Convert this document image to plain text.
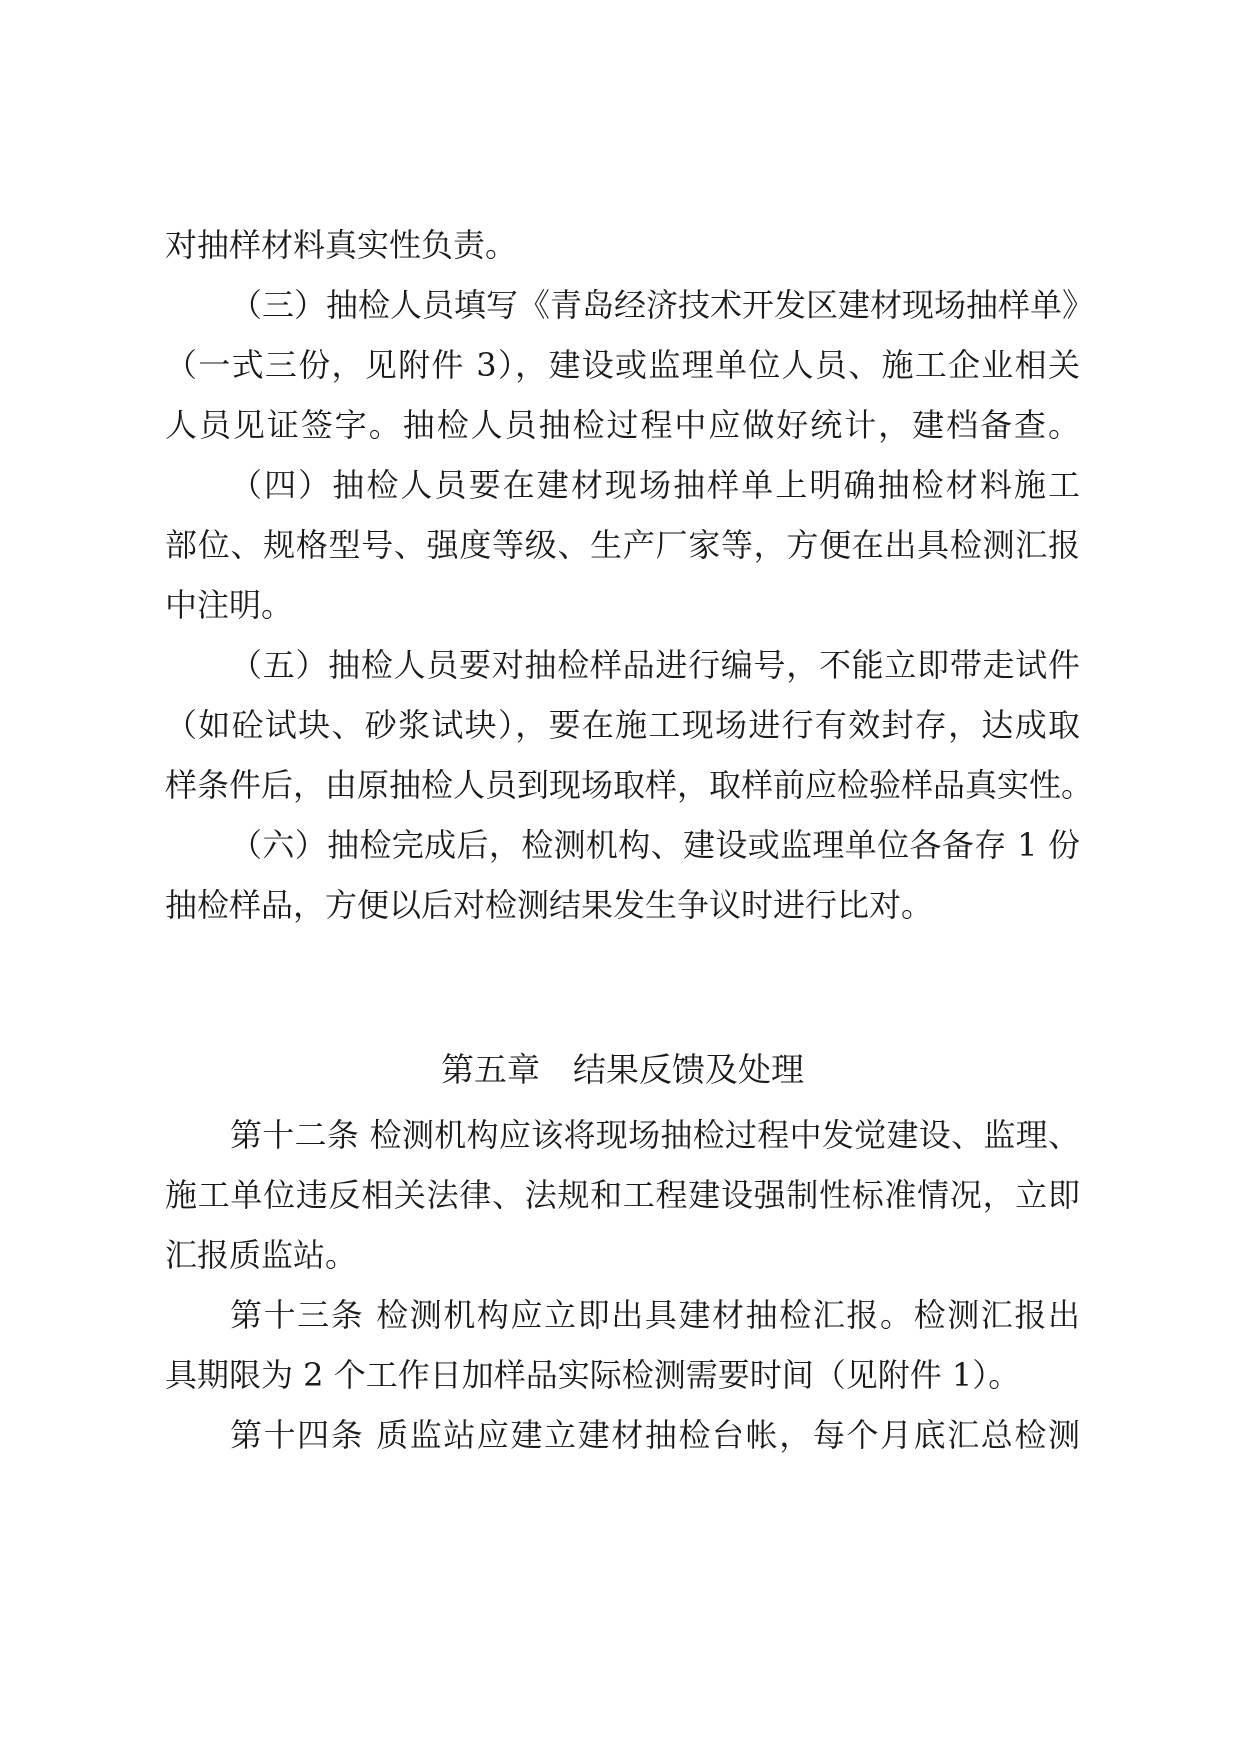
对抽样材料真实性负责。
（三）抽检人员填写《青岛经济技术开发区建材现场抽样单》
（一式三份，见附件 3），建设或监理单位人员、施工企业相关
人员见证签字。抽检人员抽检过程中应做好统计，建档备查。
（四）抽检人员要在建材现场抽样单上明确抽检材料施工
部位、规格型号、强度等级、生产厂家等，方便在出具检测汇报
中注明。
（五）抽检人员要对抽检样品进行编号，不能立即带走试件
（如砼试块、砂浆试块），要在施工现场进行有效封存，达成取
样条件后，由原抽检人员到现场取样，取样前应检验样品真实性。
（六）抽检完成后，检测机构、建设或监理单位各备存 1 份
抽检样品，方便以后对检测结果发生争议时进行比对。
第五章　结果反馈及处理
第十二条 检测机构应该将现场抽检过程中发觉建设、监理、
施工单位违反相关法律、法规和工程建设强制性标准情况，立即
汇报质监站。
第十三条 检测机构应立即出具建材抽检汇报。检测汇报出
具期限为 2 个工作日加样品实际检测需要时间（见附件 1）。
第十四条 质监站应建立建材抽检台帐，每个月底汇总检测
